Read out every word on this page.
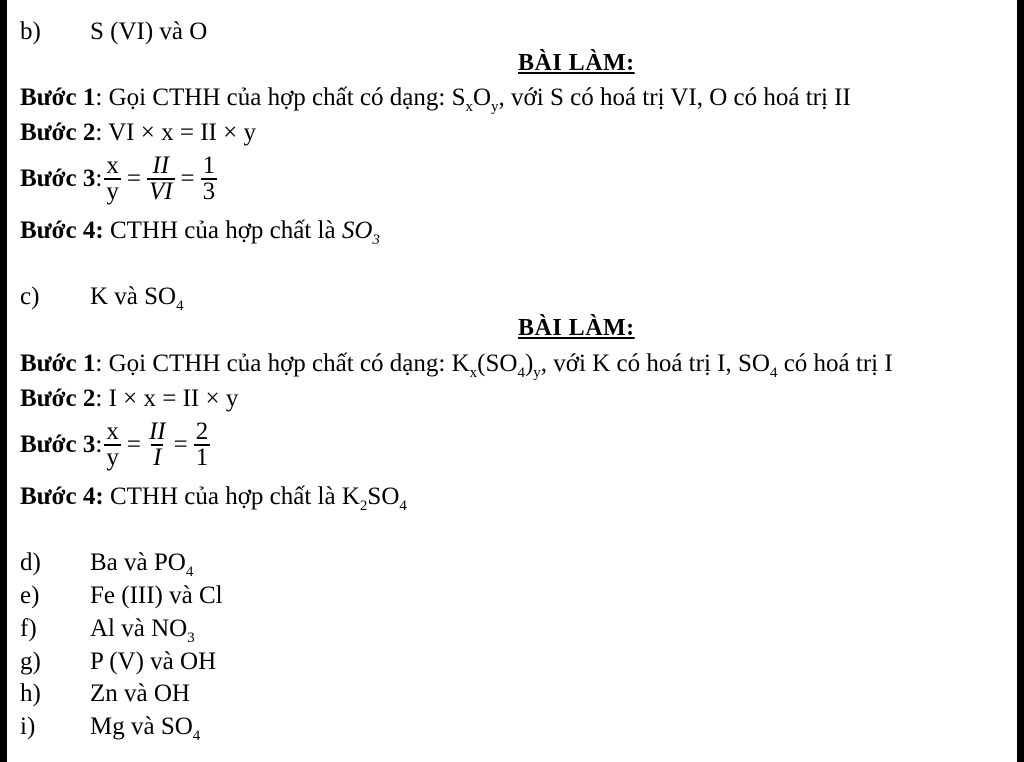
b) S (VI) và O
BÀI LÀM:
Bước 1: Gọi CTHH của hợp chất có dạng: $S_xO_y$, với S có hoá trị VI, O có hoá trị II
Bước 2: VI × x = II × y
Bước 3 : $\frac{x}{y} = \frac{II}{VI} = \frac{1}{3}$
Bước 4: CTHH của hợp chất là $SO_3$
c) K và $SO_4$
BÀI LÀM:
Bước 1: Gọi CTHH của hợp chất có dạng: $K_x(SO_4)_y$, với K có hoá trị I, $SO_4$ có hoá trị I
Bước 2: I × x = II × y
Bước 3 : $\frac{x}{y} = \frac{II}{I} = \frac{2}{1}$
Bước 4: CTHH của hợp chất là $K_2SO_4$
d) Ba và $PO_4$
e) Fe (III) và Cl
f) Al và $NO_3$
g) P (V) và OH
h) Zn và OH
i) Mg và $SO_4$
